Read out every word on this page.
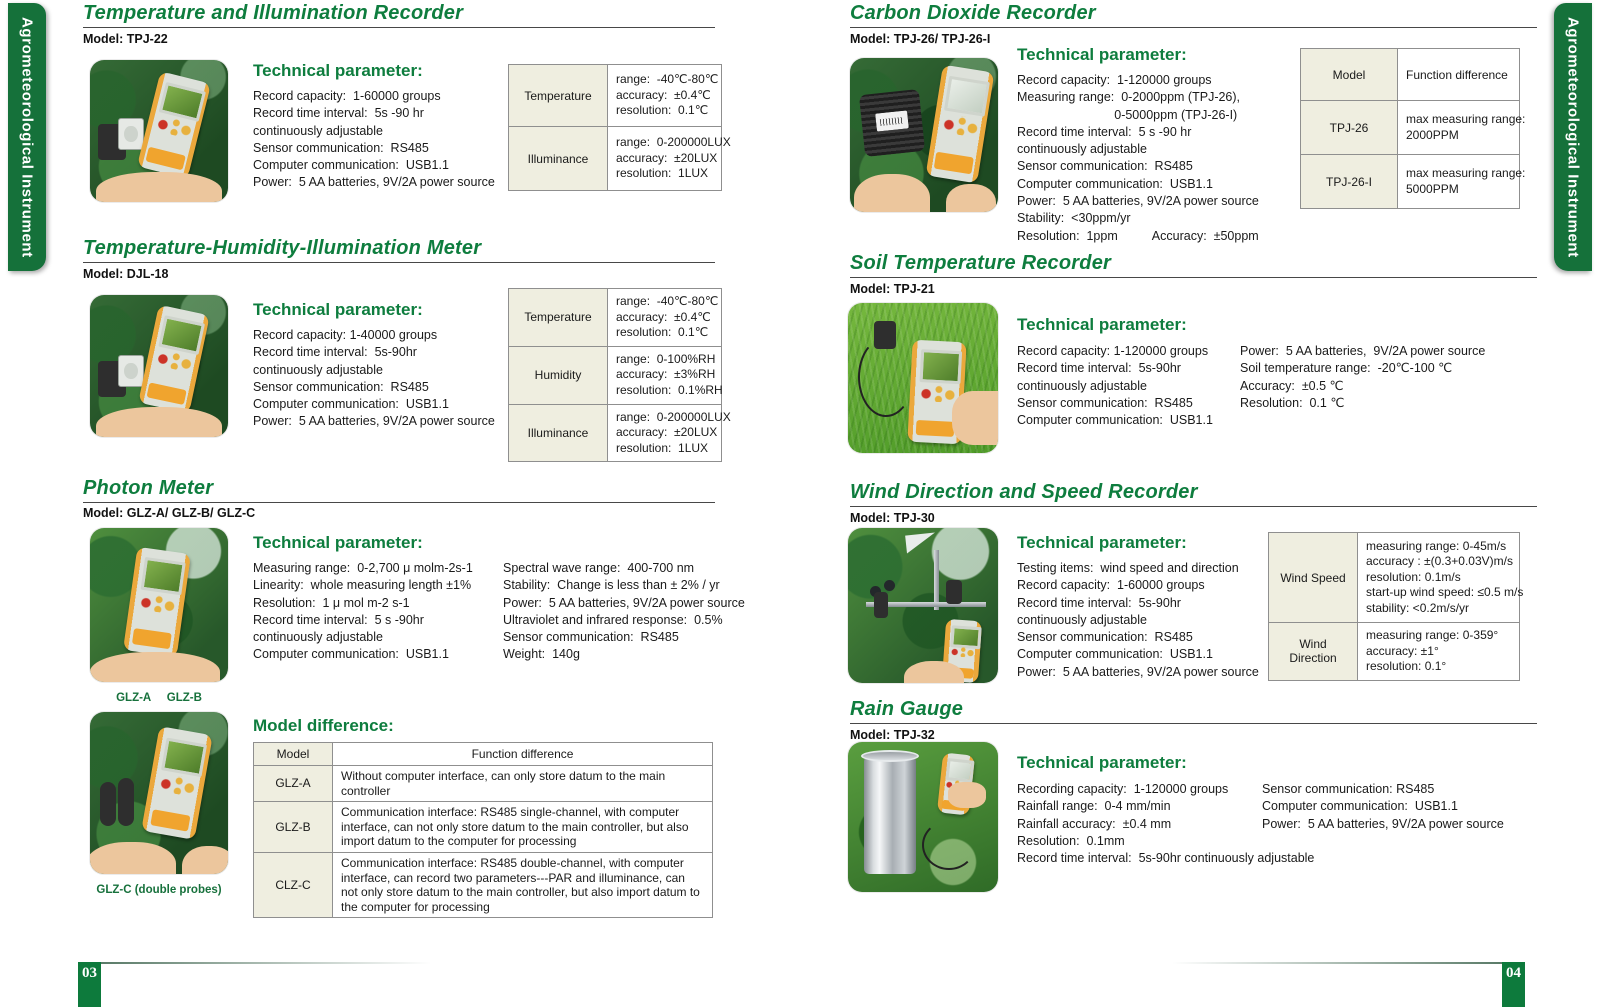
Agrometeorological Instrument	Agrometeorological Instrument
Temperature and Illumination Recorder
Model: TPJ-22
Technical parameter:
Record capacity:  1-60000 groups
Record time interval:  5s -90 hr
continuously adjustable
Sensor communication:  RS485
Computer communication:  USB1.1
Power:  5 AA batteries, 9V/2A power source
Temperature	range:  -40℃-80℃
accuracy:  ±0.4℃
resolution:  0.1℃

Illuminance	range:  0-200000LUX
accuracy:  ±20LUX
resolution:  1LUX
Temperature-Humidity-Illumination Meter
Model: DJL-18
Technical parameter:
Record capacity: 1-40000 groups
Record time interval:  5s-90hr
continuously adjustable
Sensor communication:  RS485
Computer communication:  USB1.1
Power:  5 AA batteries, 9V/2A power source
Temperature	range:  -40℃-80℃
accuracy:  ±0.4℃
resolution:  0.1℃

Humidity	range:  0-100%RH
accuracy:  ±3%RH
resolution:  0.1%RH

Illuminance	range:  0-200000LUX
accuracy:  ±20LUX
resolution:  1LUX
Photon Meter
Model: GLZ-A/ GLZ-B/ GLZ-C
GLZ-A     GLZ-B
Technical parameter:
Measuring range:  0-2,700 μ molm-2s-1
Linearity:  whole measuring length ±1%
Resolution:  1 μ mol m-2 s-1
Record time interval:  5 s -90hr
continuously adjustable
Computer communication:  USB1.1
Spectral wave range:  400-700 nm
Stability:  Change is less than ± 2% / yr
Power:  5 AA batteries, 9V/2A power source
Ultraviolet and infrared response:  0.5%
Sensor communication:  RS485
Weight:  140g
GLZ-C (double probes)
Model difference:
Model	Function difference
GLZ-A	Without computer interface, can only store datum to the main controller
GLZ-B	Communication interface: RS485 single-channel, with computer interface, can not only store datum to the main controller, but also import datum to the computer for processing
CLZ-C	Communication interface: RS485 double-channel, with computer interface, can record two parameters---PAR and illuminance, can not only store datum to the main controller, but also import datum to the computer for processing
Carbon Dioxide Recorder
Model: TPJ-26/ TPJ-26-I
Technical parameter:
Record capacity:  1-120000 groups
Measuring range:  0-2000ppm (TPJ-26),
0-5000ppm (TPJ-26-I)
Record time interval:  5 s -90 hr
continuously adjustable
Sensor communication:  RS485
Computer communication:  USB1.1
Power:  5 AA batteries, 9V/2A power source
Stability:  <30ppm/yr
Resolution:  1ppm          Accuracy:  ±50ppm
Model	Function difference
TPJ-26	max measuring range:
2000PPM

TPJ-26-I	max measuring range:
5000PPM
Soil Temperature Recorder
Model: TPJ-21
Technical parameter:
Record capacity: 1-120000 groups
Record time interval:  5s-90hr
continuously adjustable
Sensor communication:  RS485
Computer communication:  USB1.1
Power:  5 AA batteries,  9V/2A power source
Soil temperature range:  -20℃-100 ℃
Accuracy:  ±0.5 ℃
Resolution:  0.1 ℃
Wind Direction and Speed Recorder
Model: TPJ-30
Technical parameter:
Testing items:  wind speed and direction
Record capacity:  1-60000 groups
Record time interval:  5s-90hr
continuously adjustable
Sensor communication:  RS485
Computer communication:  USB1.1
Power:  5 AA batteries, 9V/2A power source
Wind Speed	measuring range: 0-45m/s
accuracy : ±(0.3+0.03V)m/s
resolution: 0.1m/s
start-up wind speed: ≤0.5 m/s
stability: <0.2m/s/yr

Wind Direction	measuring range: 0-359°
accuracy: ±1°
resolution: 0.1°
Rain Gauge
Model: TPJ-32
Technical parameter:
Recording capacity:  1-120000 groups
Rainfall range:  0-4 mm/min
Rainfall accuracy:  ±0.4 mm
Resolution:  0.1mm
Record time interval:  5s-90hr continuously adjustable
Sensor communication: RS485
Computer communication:  USB1.1
Power:  5 AA batteries, 9V/2A power source
03	04
